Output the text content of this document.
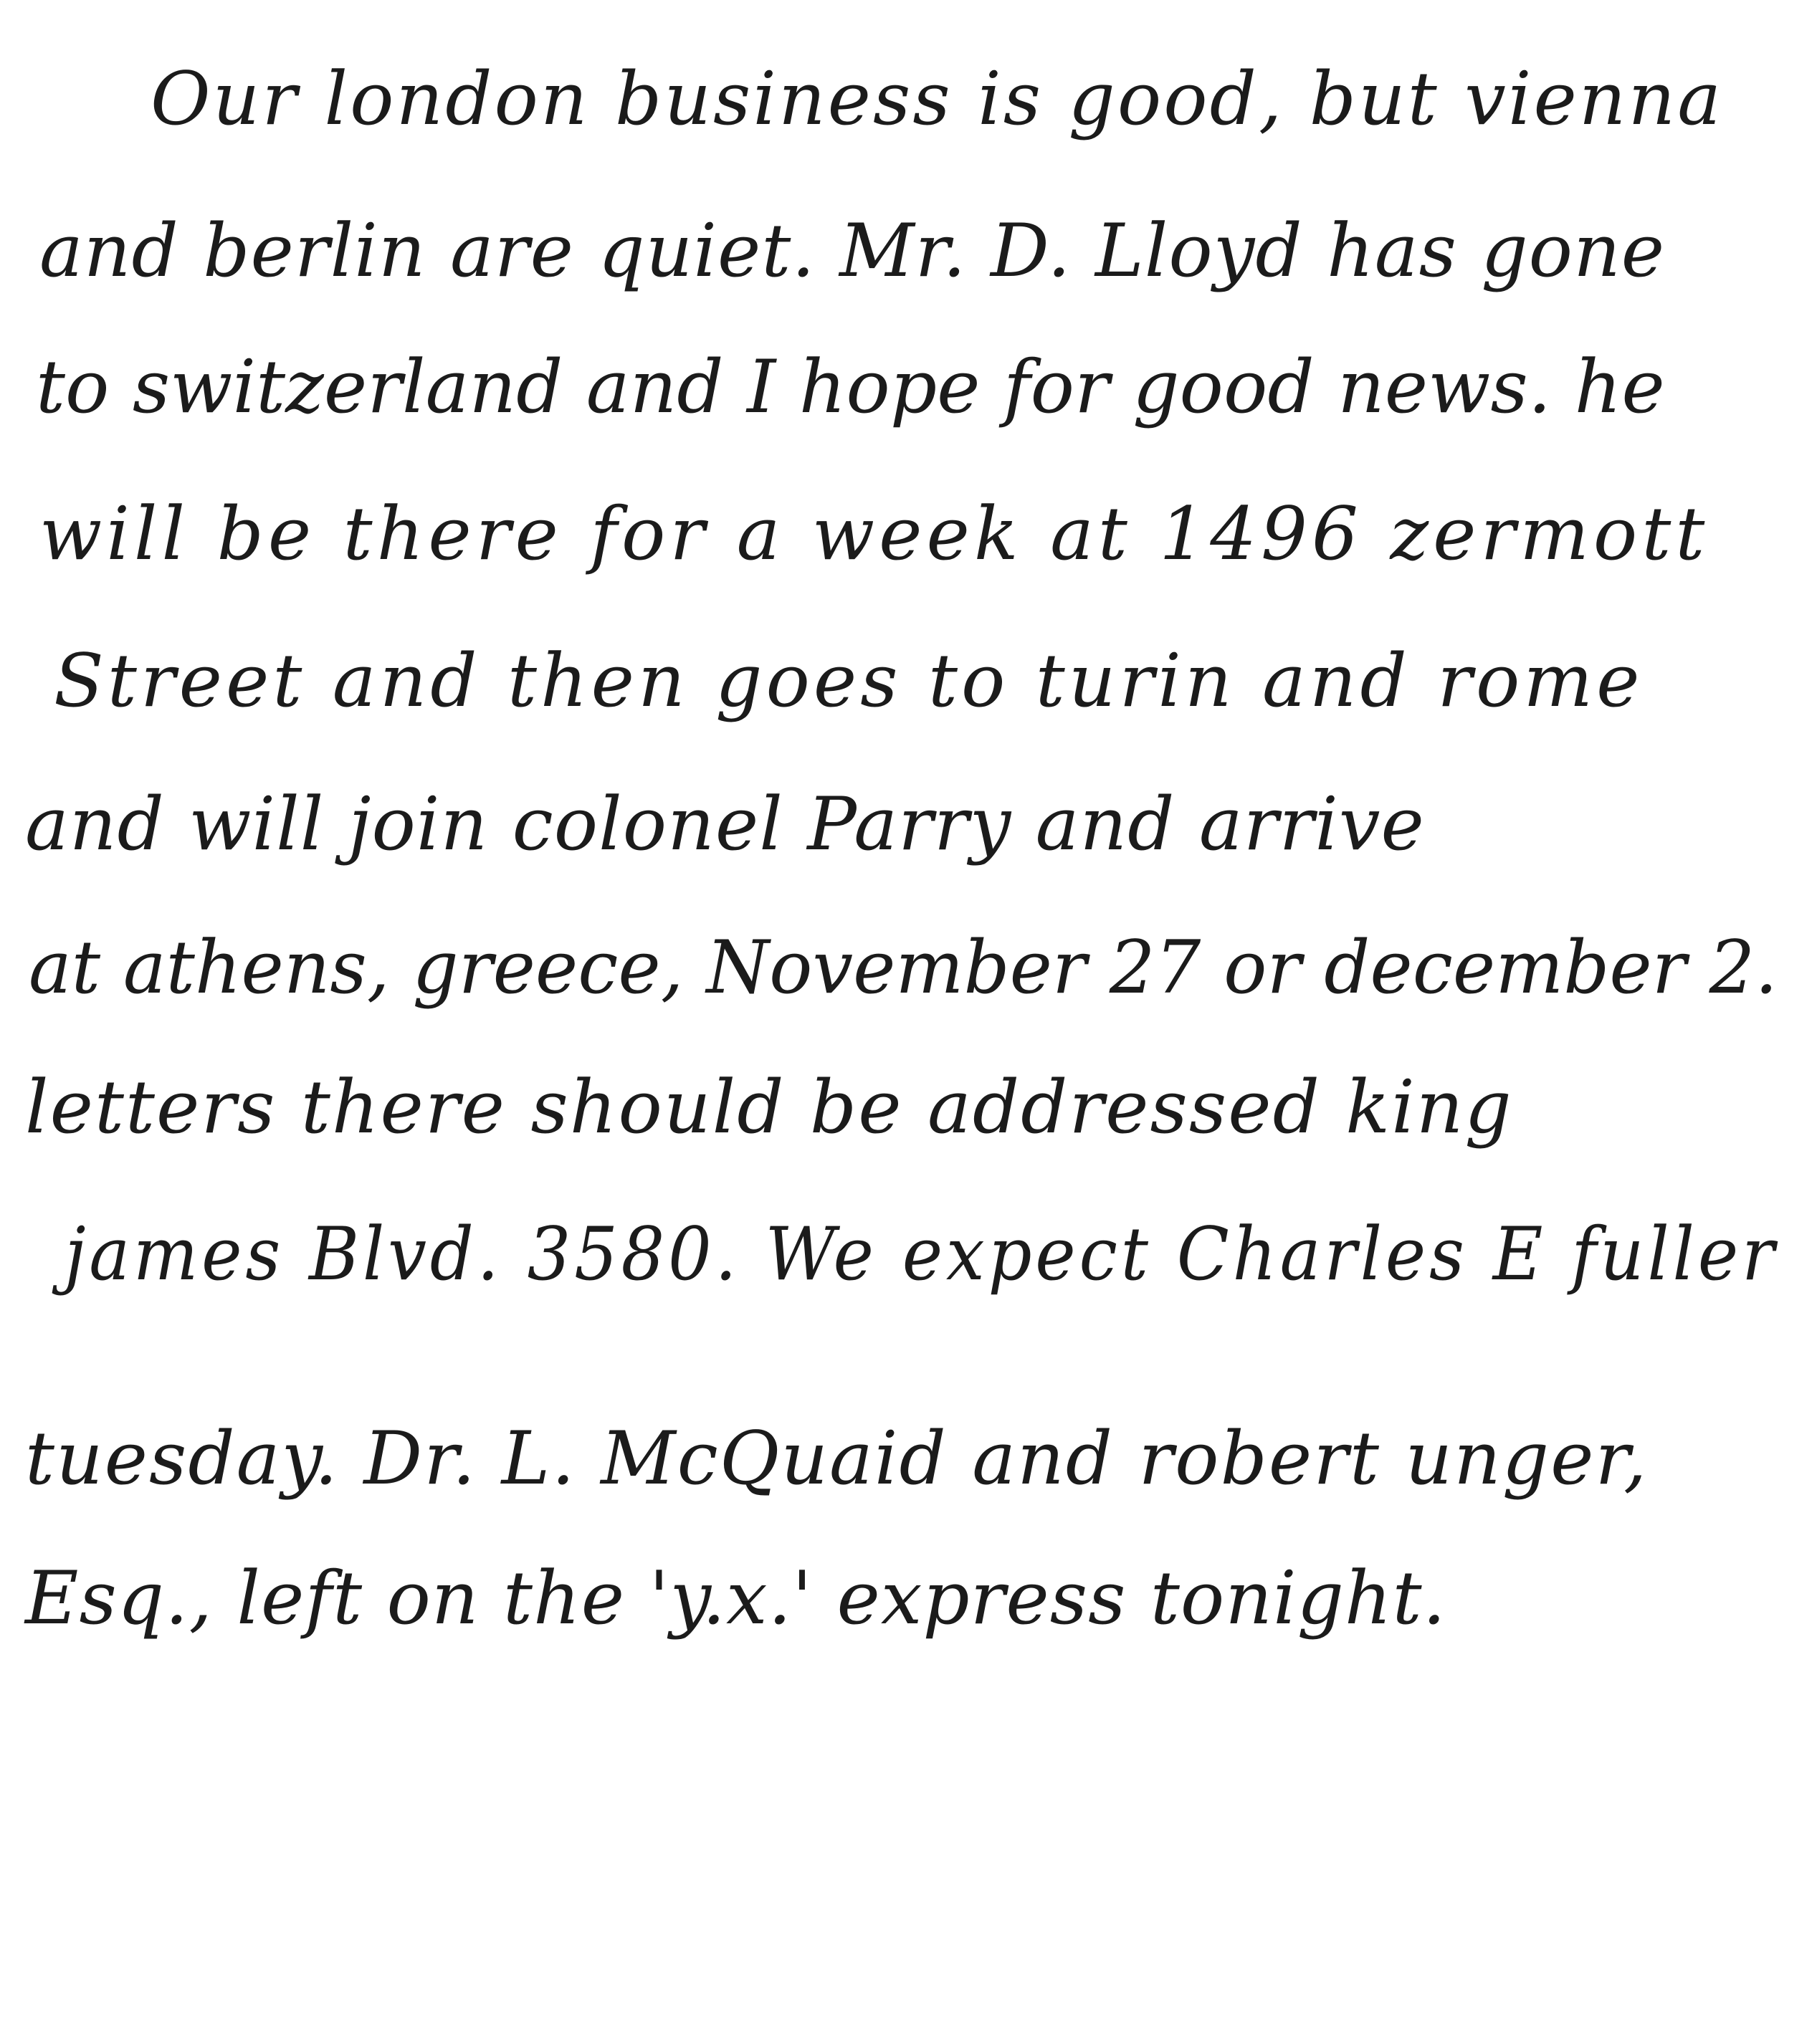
Our london business is good, but vienna
and berlin are quiet. Mr. D. Lloyd has gone
to switzerland and I hope for good news. he
will be there for a week at 1496 zermott
Street and then goes to turin and rome
and will join colonel Parry and arrive
at athens, greece, November 27 or december 2.
letters there should be addressed king
james Blvd. 3580. We expect Charles E fuller
tuesday. Dr. L. McQuaid and robert unger,
Esq., left on the 'y.x.' express tonight.
